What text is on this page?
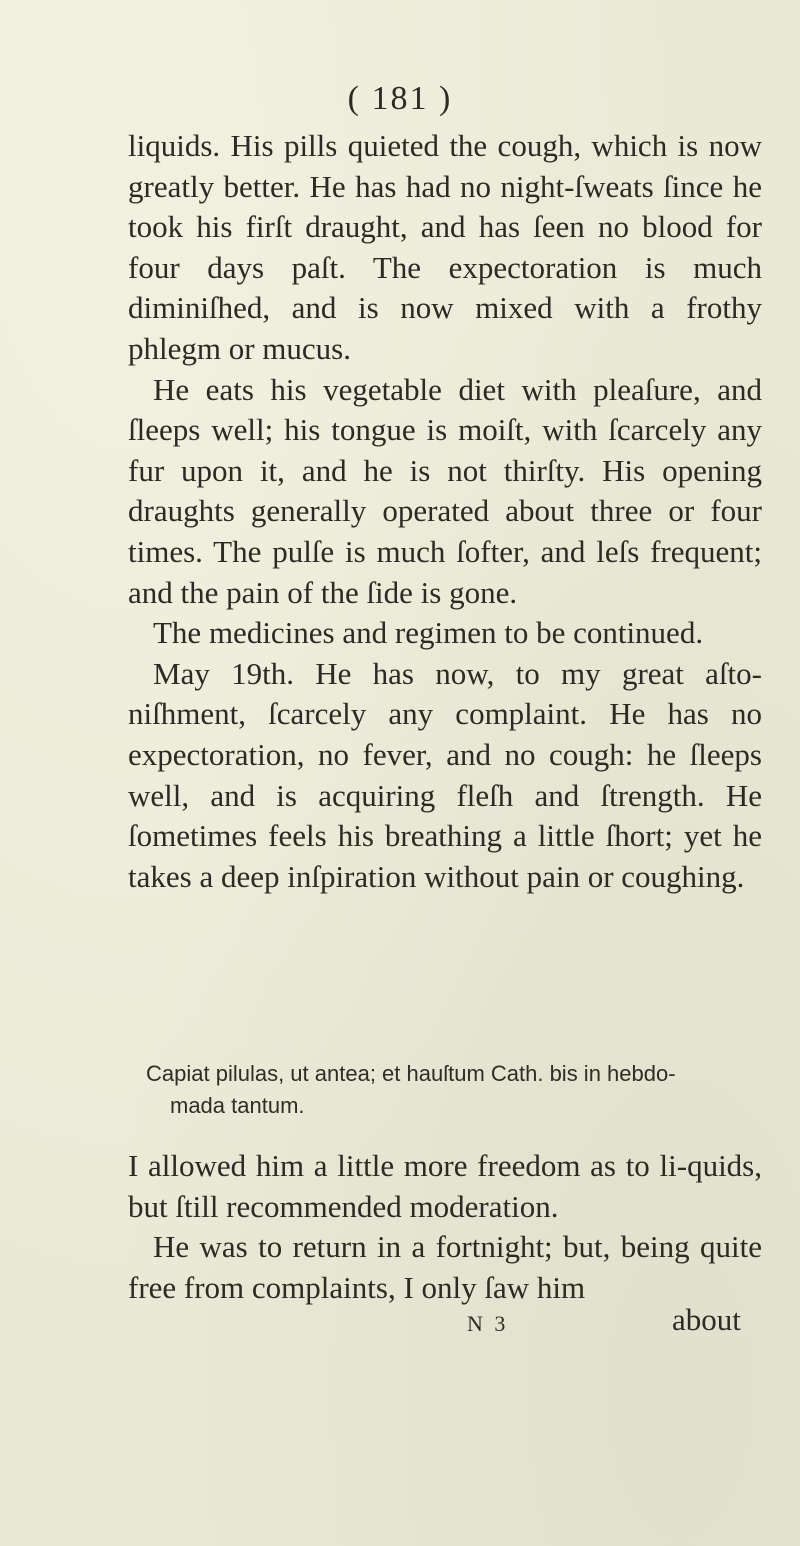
( 181 )

liquids. His pills quieted the cough, which is now greatly better. He has had no night-ſweats ſince he took his firſt draught, and has ſeen no blood for four days paſt. The expectoration is much diminiſhed, and is now mixed with a frothy phlegm or mucus.

He eats his vegetable diet with pleaſure, and ſleeps well; his tongue is moiſt, with ſcarcely any fur upon it, and he is not thirſty. His opening draughts generally operated about three or four times. The pulſe is much ſofter, and leſs frequent; and the pain of the ſide is gone.

The medicines and regimen to be continued.

May 19th. He has now, to my great aſto-niſhment, ſcarcely any complaint. He has no expectoration, no fever, and no cough: he ſleeps well, and is acquiring fleſh and ſtrength. He ſometimes feels his breathing a little ſhort; yet he takes a deep inſpiration without pain or coughing.

Capiat pilulas, ut antea; et hauſtum Cath. bis in hebdo-

mada tantum.

I allowed him a little more freedom as to li-quids, but ſtill recommended moderation.

He was to return in a fortnight; but, being quite free from complaints, I only ſaw him

N 3	about
